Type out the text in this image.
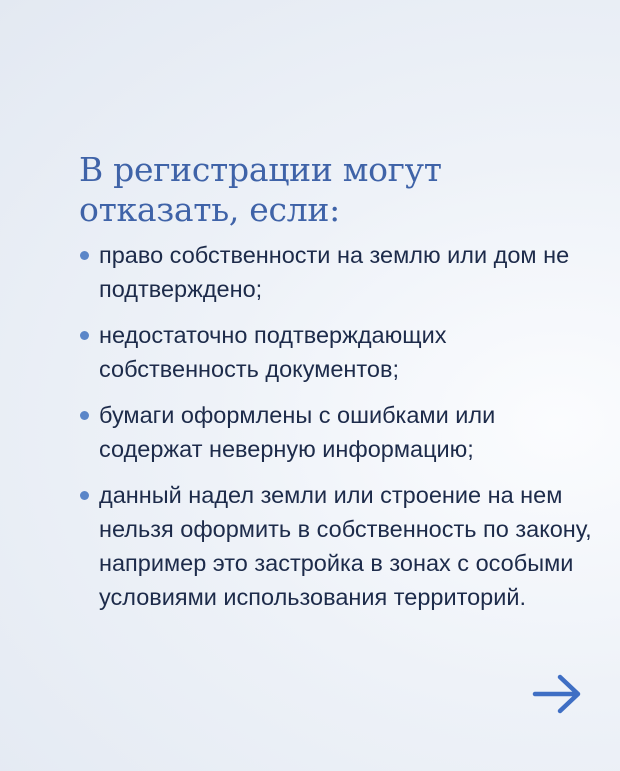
В регистрации могут отказать, если:
право собственности на землю или дом не подтверждено;
недостаточно подтверждающих собственность документов;
бумаги оформлены с ошибками или содержат неверную информацию;
данный надел земли или строение на нем нельзя оформить в собственность по закону, например это застройка в зонах с особыми условиями использования территорий.
